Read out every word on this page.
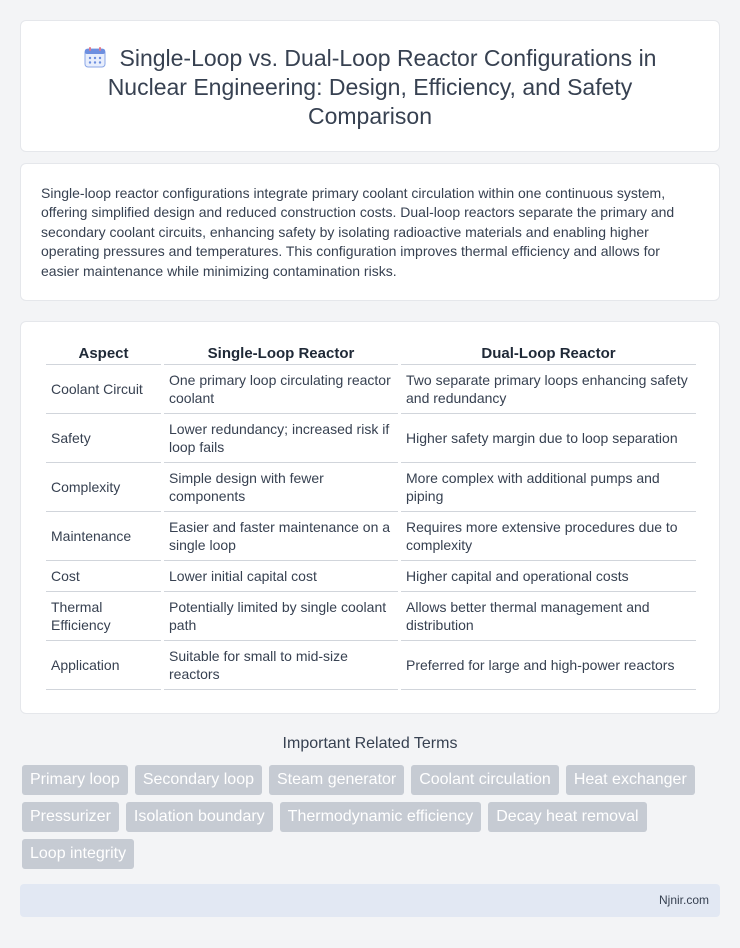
Single-Loop vs. Dual-Loop Reactor Configurations in Nuclear Engineering: Design, Efficiency, and Safety Comparison

Single-loop reactor configurations integrate primary coolant circulation within one continuous system, offering simplified design and reduced construction costs. Dual-loop reactors separate the primary and secondary coolant circuits, enhancing safety by isolating radioactive materials and enabling higher operating pressures and temperatures. This configuration improves thermal efficiency and allows for easier maintenance while minimizing contamination risks.

Aspect	Single-Loop Reactor	Dual-Loop Reactor
Coolant Circuit	One primary loop circulating reactor coolant	Two separate primary loops enhancing safety and redundancy
Safety	Lower redundancy; increased risk if loop fails	Higher safety margin due to loop separation
Complexity	Simple design with fewer components	More complex with additional pumps and piping
Maintenance	Easier and faster maintenance on a single loop	Requires more extensive procedures due to complexity
Cost	Lower initial capital cost	Higher capital and operational costs
Thermal Efficiency	Potentially limited by single coolant path	Allows better thermal management and distribution
Application	Suitable for small to mid-size reactors	Preferred for large and high-power reactors
Important Related Terms
Primary loop	Secondary loop	Steam generator	Coolant circulation	Heat exchanger
Pressurizer	Isolation boundary	Thermodynamic efficiency	Decay heat removal
Loop integrity
Njnir.com
